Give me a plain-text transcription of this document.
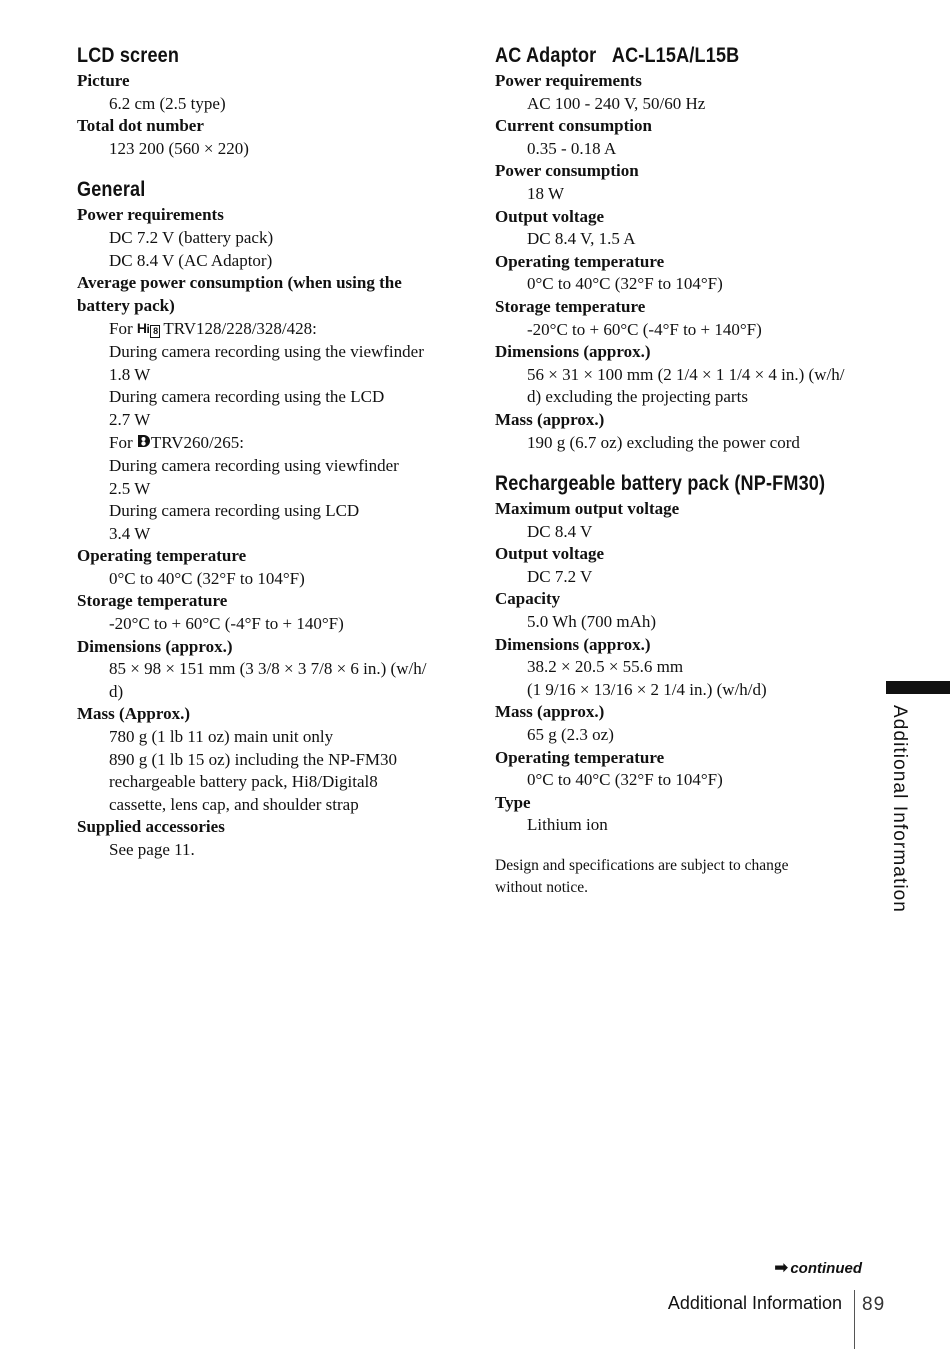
LCD screen
Picture
6.2 cm (2.5 type)
Total dot number
123 200 (560 × 220)
General
Power requirements
DC 7.2 V (battery pack)
DC 8.4 V (AC Adaptor)
Average power consumption (when using the
battery pack)
For Hi 8 TRV128/228/328/428:
During camera recording using the viewfinder
1.8 W
During camera recording using the LCD
2.7 W
For TRV260/265:
During camera recording using viewfinder
2.5 W
During camera recording using LCD
3.4 W
Operating temperature
0°C to 40°C (32°F to 104°F)
Storage temperature
-20°C to + 60°C (-4°F to + 140°F)
Dimensions (approx.)
85 × 98 × 151 mm (3 3/8 × 3 7/8 × 6 in.) (w/h/
d)
Mass (Approx.)
780 g (1 lb 11 oz) main unit only
890 g (1 lb 15 oz) including the NP-FM30
rechargeable battery pack, Hi8/Digital8
cassette, lens cap, and shoulder strap
Supplied accessories
See page 11.
AC Adaptor AC-L15A/L15B
Power requirements
AC 100 - 240 V, 50/60 Hz
Current consumption
0.35 - 0.18 A
Power consumption
18 W
Output voltage
DC 8.4 V, 1.5 A
Operating temperature
0°C to 40°C (32°F to 104°F)
Storage temperature
-20°C to + 60°C (-4°F to + 140°F)
Dimensions (approx.)
56 × 31 × 100 mm (2 1/4 × 1 1/4 × 4 in.) (w/h/
d) excluding the projecting parts
Mass (approx.)
190 g (6.7 oz) excluding the power cord
Rechargeable battery pack (NP-FM30)
Maximum output voltage
DC 8.4 V
Output voltage
DC 7.2 V
Capacity
5.0 Wh (700 mAh)
Dimensions (approx.)
38.2 × 20.5 × 55.6 mm
(1 9/16 × 13/16 × 2 1/4 in.) (w/h/d)
Mass (approx.)
65 g (2.3 oz)
Operating temperature
0°C to 40°C (32°F to 104°F)
Type
Lithium ion
Design and specifications are subject to change
without notice.	Additional Information
➡ continued
Additional Information 89
